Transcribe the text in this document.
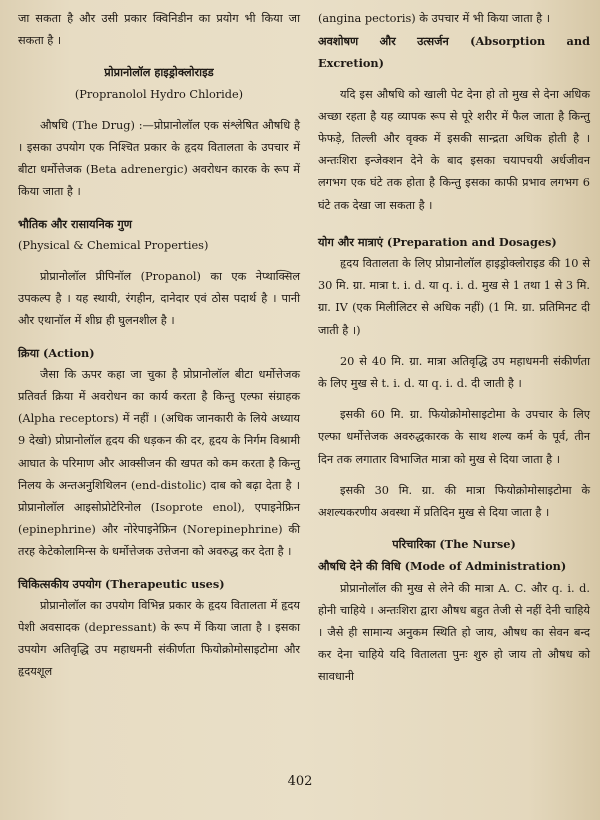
जा सकता है और उसी प्रकार क्विनिडीन का प्रयोग भी किया जा सकता है ।

प्रोप्रानोलॉल हाइड्रोक्लोराइड

(Propranolol Hydro Chloride)

औषधि (The Drug) :—प्रोप्रानोलॉल एक संश्लेषित औषधि है । इसका उपयोग एक निश्चित प्रकार के हृदय वितालता के उपचार में बीटा धर्मोत्तेजक (Beta adrenergic) अवरोधन कारक के रूप में किया जाता है ।

भौतिक और रासायनिक गुण

(Physical & Chemical Properties)

प्रोप्रानोलॉल प्रीपिनॉल (Propanol) का एक नेप्थाक्सिल उपकल्प है । यह स्थायी, रंगहीन, दानेदार एवं ठोस पदार्थ है । पानी और एथानॉल में शीघ्र ही घुलनशील है ।

क्रिया (Action)

जैसा कि ऊपर कहा जा चुका है प्रोप्रानोलॉल बीटा धर्मोत्तेजक प्रतिवर्त क्रिया में अवरोधन का कार्य करता है किन्तु एल्फा संग्राहक (Alpha receptors) में नहीं । (अधिक जानकारी के लिये अध्याय 9 देखो) प्रोप्रानोलॉल हृदय की धड़कन की दर, हृदय के निर्गम विश्रामी आघात के परिमाण और आक्सीजन की खपत को कम करता है किन्तु निलय के अन्तअनुशिथिलन (end-distolic) दाब को बढ़ा देता है । प्रोप्रानोलॉल आइसोप्रोटेरिनोल (Isoprote enol), एपाइनेफ्रिन (epinephrine) और नोरेपाइनेफ्रिन (Norepinephrine) की तरह केटेकोलामिन्स के धर्मोत्तेजक उत्तेजना को अवरुद्ध कर देता है ।

चिकित्सकीय उपयोग (Therapeutic uses)

प्रोप्रानोलॉल का उपयोग विभिन्न प्रकार के हृदय वितालता में हृदय पेशी अवसादक (depressant) के रूप में किया जाता है । इसका उपयोग अतिवृद्धि उप महाधमनी संकीर्णता फियोक्रोमोसाइटोमा और हृदयशूल

(angina pectoris) के उपचार में भी किया जाता है ।

अवशोषण और उत्सर्जन (Absorption and Excretion)

यदि इस औषधि को खाली पेट देना हो तो मुख से देना अधिक अच्छा रहता है यह व्यापक रूप से पूरे शरीर में फैल जाता है किन्तु फेफड़े, तिल्ली और वृक्क में इसकी सान्द्रता अधिक होती है । अन्तःशिरा इन्जेक्शन देने के बाद इसका चयापचयी अर्धजीवन लगभग एक घंटे तक होता है किन्तु इसका काफी प्रभाव लगभग 6 घंटे तक देखा जा सकता है ।

योग और मात्राएं (Preparation and Dosages)

हृदय वितालता के लिए प्रोप्रानोलॉल हाइड्रोक्लोराइड की 10 से 30 मि. ग्रा. मात्रा t. i. d. या q. i. d. मुख से 1 तथा 1 से 3 मि. ग्रा. IV (एक मिलीलिटर से अधिक नहीं) (1 मि. ग्रा. प्रतिमिनट दी जाती है ।)

20 से 40 मि. ग्रा. मात्रा अतिवृद्धि उप महाधमनी संकीर्णता के लिए मुख से t. i. d. या q. i. d. दी जाती है ।

इसकी 60 मि. ग्रा. फियोक्रोमोसाइटोमा के उपचार के लिए एल्फा धर्मोत्तेजक अवरुद्धकारक के साथ शल्य कर्म के पूर्व, तीन दिन तक लगातार विभाजित मात्रा को मुख से दिया जाता है ।

इसकी 30 मि. ग्रा. की मात्रा फियोक्रोमोसाइटोमा के अशल्यकरणीय अवस्था में प्रतिदिन मुख से दिया जाता है ।

परिचारिका (The Nurse)

औषधि देने की विधि (Mode of Administration)

प्रोप्रानोलॉल की मुख से लेने की मात्रा A. C. और q. i. d. होनी चाहिये । अन्तःशिरा द्वारा औषध बहुत तेजी से नहीं देनी चाहिये । जैसे ही सामान्य अनुकम स्थिति हो जाय, औषध का सेवन बन्द कर देना चाहिये यदि वितालता पुनः शुरु हो जाय तो औषध को सावधानी

402
